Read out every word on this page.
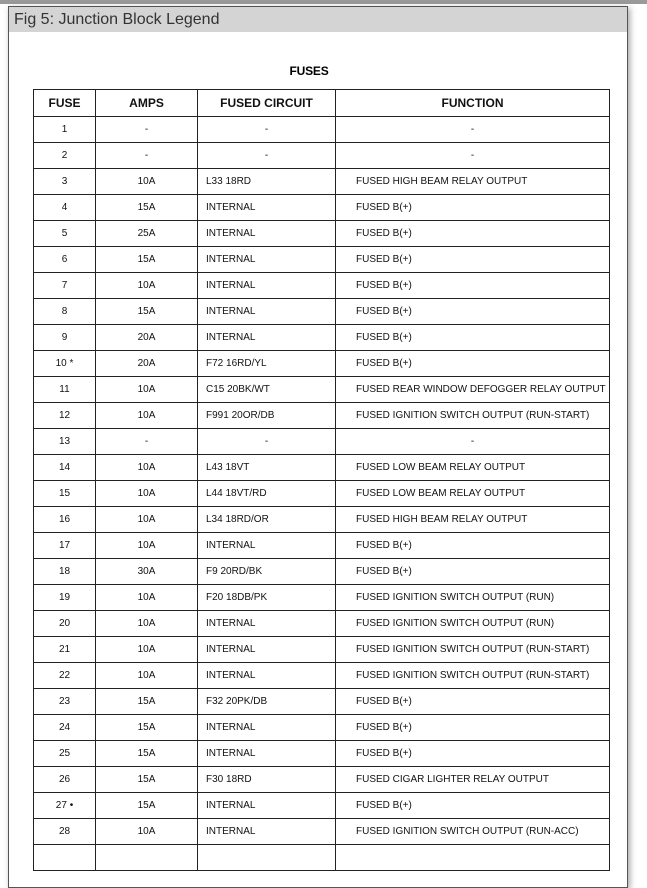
Fig 5: Junction Block Legend
FUSES
FUSE	AMPS	FUSED CIRCUIT	FUNCTION
1	-	-	-
2	-	-	-
3	10A	L33 18RD	FUSED HIGH BEAM RELAY OUTPUT
4	15A	INTERNAL	FUSED B(+)
5	25A	INTERNAL	FUSED B(+)
6	15A	INTERNAL	FUSED B(+)
7	10A	INTERNAL	FUSED B(+)
8	15A	INTERNAL	FUSED B(+)
9	20A	INTERNAL	FUSED B(+)
10 *	20A	F72 16RD/YL	FUSED B(+)
11	10A	C15 20BK/WT	FUSED REAR WINDOW DEFOGGER RELAY OUTPUT
12	10A	F991 20OR/DB	FUSED IGNITION SWITCH OUTPUT (RUN-START)
13	-	-	-
14	10A	L43 18VT	FUSED LOW BEAM RELAY OUTPUT
15	10A	L44 18VT/RD	FUSED LOW BEAM RELAY OUTPUT
16	10A	L34 18RD/OR	FUSED HIGH BEAM RELAY OUTPUT
17	10A	INTERNAL	FUSED B(+)
18	30A	F9 20RD/BK	FUSED B(+)
19	10A	F20 18DB/PK	FUSED IGNITION SWITCH OUTPUT (RUN)
20	10A	INTERNAL	FUSED IGNITION SWITCH OUTPUT (RUN)
21	10A	INTERNAL	FUSED IGNITION SWITCH OUTPUT (RUN-START)
22	10A	INTERNAL	FUSED IGNITION SWITCH OUTPUT (RUN-START)
23	15A	F32 20PK/DB	FUSED B(+)
24	15A	INTERNAL	FUSED B(+)
25	15A	INTERNAL	FUSED B(+)
26	15A	F30 18RD	FUSED CIGAR LIGHTER RELAY OUTPUT
27 •	15A	INTERNAL	FUSED B(+)
28	10A	INTERNAL	FUSED IGNITION SWITCH OUTPUT (RUN-ACC)
